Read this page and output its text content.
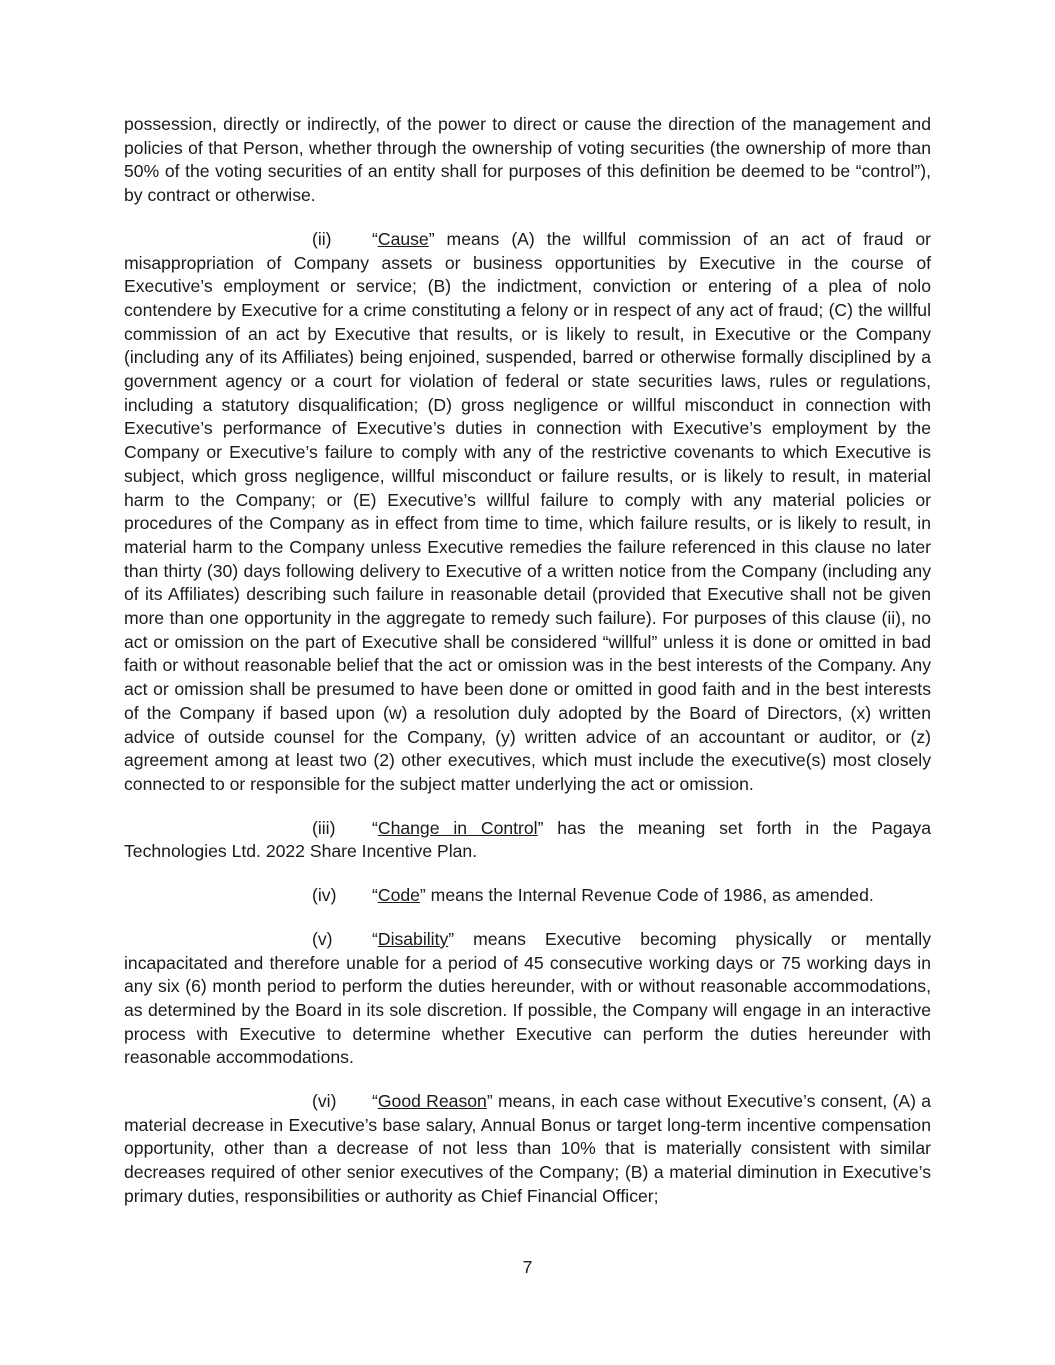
possession, directly or indirectly, of the power to direct or cause the direction of the management and policies of that Person, whether through the ownership of voting securities (the ownership of more than 50% of the voting securities of an entity shall for purposes of this definition be deemed to be “control”), by contract or otherwise.

(ii) “Cause” means (A) the willful commission of an act of fraud or misappropriation of Company assets or business opportunities by Executive in the course of Executive’s employment or service; (B) the indictment, conviction or entering of a plea of nolo contendere by Executive for a crime constituting a felony or in respect of any act of fraud; (C) the willful commission of an act by Executive that results, or is likely to result, in Executive or the Company (including any of its Affiliates) being enjoined, suspended, barred or otherwise formally disciplined by a government agency or a court for violation of federal or state securities laws, rules or regulations, including a statutory disqualification; (D) gross negligence or willful misconduct in connection with Executive’s performance of Executive’s duties in connection with Executive’s employment by the Company or Executive’s failure to comply with any of the restrictive covenants to which Executive is subject, which gross negligence, willful misconduct or failure results, or is likely to result, in material harm to the Company; or (E) Executive’s willful failure to comply with any material policies or procedures of the Company as in effect from time to time, which failure results, or is likely to result, in material harm to the Company unless Executive remedies the failure referenced in this clause no later than thirty (30) days following delivery to Executive of a written notice from the Company (including any of its Affiliates) describing such failure in reasonable detail (provided that Executive shall not be given more than one opportunity in the aggregate to remedy such failure). For purposes of this clause (ii), no act or omission on the part of Executive shall be considered “willful” unless it is done or omitted in bad faith or without reasonable belief that the act or omission was in the best interests of the Company. Any act or omission shall be presumed to have been done or omitted in good faith and in the best interests of the Company if based upon (w) a resolution duly adopted by the Board of Directors, (x) written advice of outside counsel for the Company, (y) written advice of an accountant or auditor, or (z) agreement among at least two (2) other executives, which must include the executive(s) most closely connected to or responsible for the subject matter underlying the act or omission.

(iii) “Change in Control” has the meaning set forth in the Pagaya Technologies Ltd. 2022 Share Incentive Plan.

(iv) “Code” means the Internal Revenue Code of 1986, as amended.

(v) “Disability” means Executive becoming physically or mentally incapacitated and therefore unable for a period of 45 consecutive working days or 75 working days in any six (6) month period to perform the duties hereunder, with or without reasonable accommodations, as determined by the Board in its sole discretion. If possible, the Company will engage in an interactive process with Executive to determine whether Executive can perform the duties hereunder with reasonable accommodations.

(vi) “Good Reason” means, in each case without Executive’s consent, (A) a material decrease in Executive’s base salary, Annual Bonus or target long-term incentive compensation opportunity, other than a decrease of not less than 10% that is materially consistent with similar decreases required of other senior executives of the Company; (B) a material diminution in Executive’s primary duties, responsibilities or authority as Chief Financial Officer;

7
